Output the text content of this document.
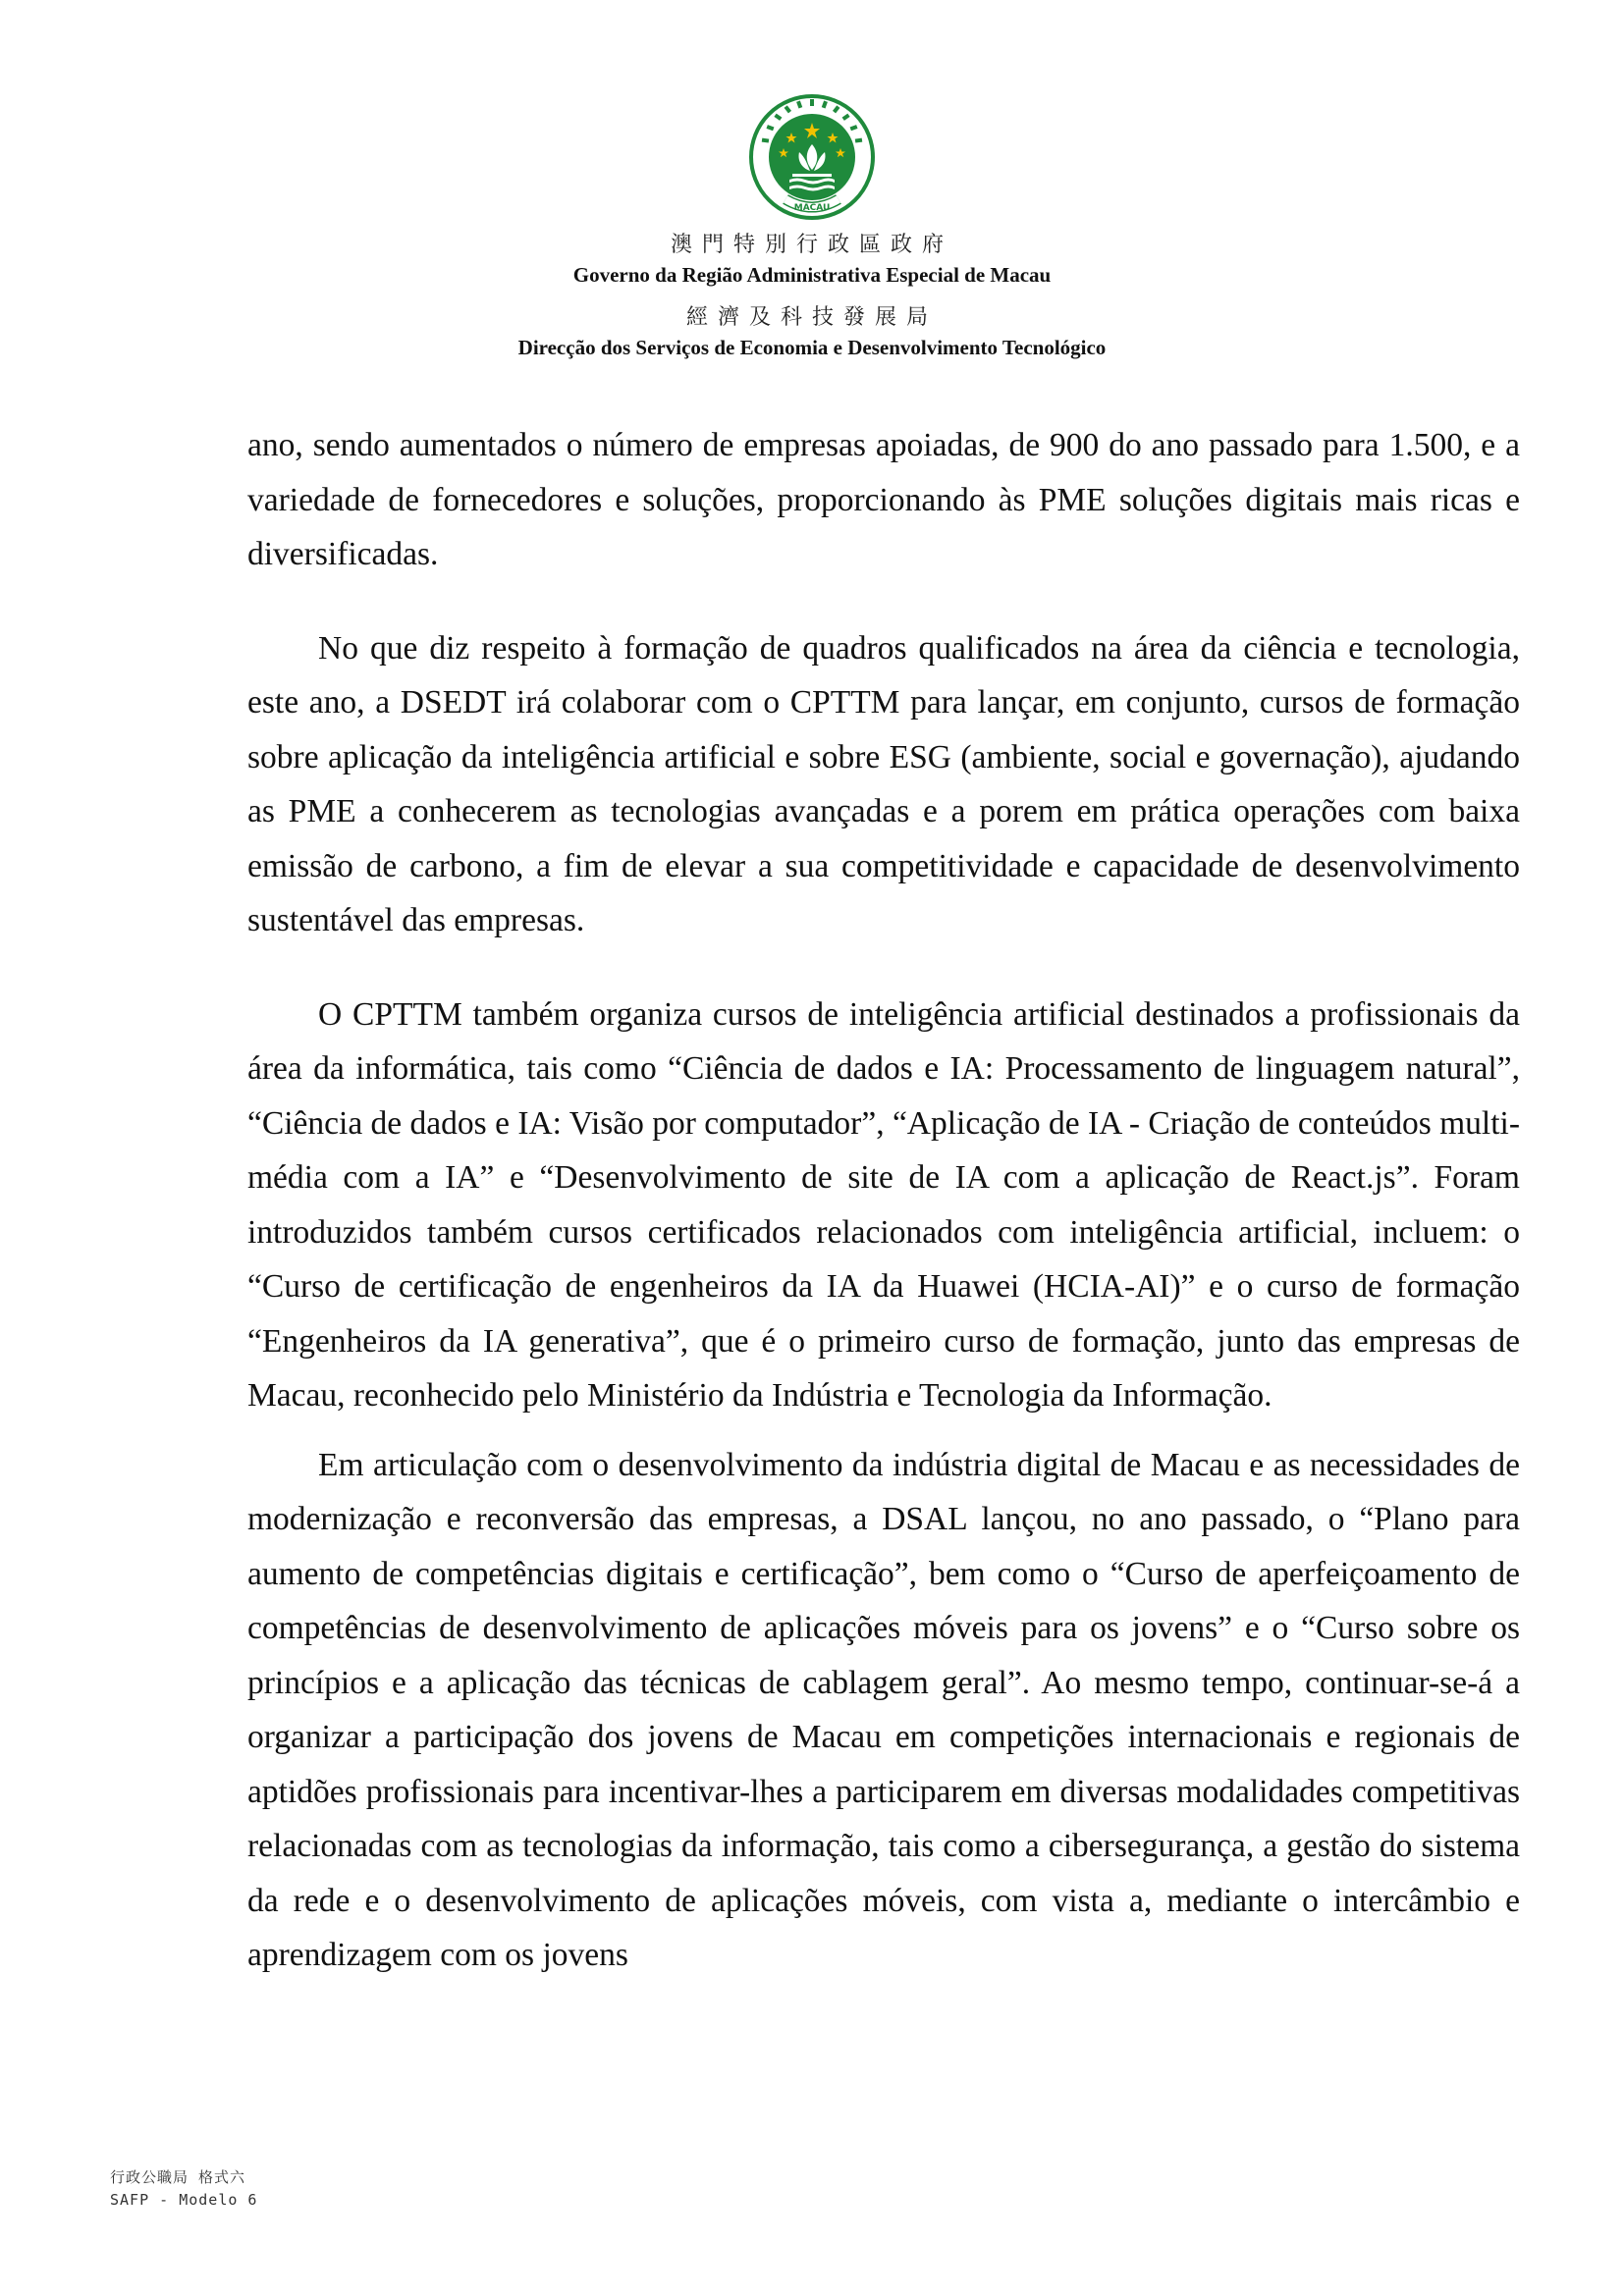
MACAU
澳門特別行政區政府
Governo da Região Administrativa Especial de Macau
經濟及科技發展局
Direcção dos Serviços de Economia e Desenvolvimento Tecnológico

ano, sendo aumentados o número de empresas apoiadas, de 900 do ano passado para 1.500, e a variedade de fornecedores e soluções, proporcionando às PME soluções digitais mais ricas e diversificadas.

No que diz respeito à formação de quadros qualificados na área da ciência e tecnologia, este ano, a DSEDT irá colaborar com o CPTTM para lançar, em conjunto, cursos de formação sobre aplicação da inteligência artificial e sobre ESG (ambiente, social e governação), ajudando as PME a conhecerem as tecnologias avançadas e a porem em prática operações com baixa emissão de carbono, a fim de elevar a sua competitividade e capacidade de desenvolvimento sustentável das empresas.

O CPTTM também organiza cursos de inteligência artificial destinados a profissionais da área da informática, tais como “Ciência de dados e IA: Processamento de linguagem natural”, “Ciência de dados e IA: Visão por computador”, “Aplicação de IA - Criação de conteúdos multi-média com a IA” e “Desenvolvimento de site de IA com a aplicação de React.js”. Foram introduzidos também cursos certificados relacionados com inteligência artificial, incluem: o “Curso de certificação de engenheiros da IA da Huawei (HCIA-AI)” e o curso de formação “Engenheiros da IA generativa”, que é o primeiro curso de formação, junto das empresas de Macau, reconhecido pelo Ministério da Indústria e Tecnologia da Informação.

Em articulação com o desenvolvimento da indústria digital de Macau e as necessidades de modernização e reconversão das empresas, a DSAL lançou, no ano passado, o “Plano para aumento de competências digitais e certificação”, bem como o “Curso de aperfeiçoamento de competências de desenvolvimento de aplicações móveis para os jovens” e o “Curso sobre os princípios e a aplicação das técnicas de cablagem geral”. Ao mesmo tempo, continuar-se-á a organizar a participação dos jovens de Macau em competições internacionais e regionais de aptidões profissionais para incentivar-lhes a participarem em diversas modalidades competitivas relacionadas com as tecnologias da informação, tais como a cibersegurança, a gestão do sistema da rede e o desenvolvimento de aplicações móveis, com vista a, mediante o intercâmbio e aprendizagem com os jovens

行政公職局 格式六
SAFP - Modelo 6
